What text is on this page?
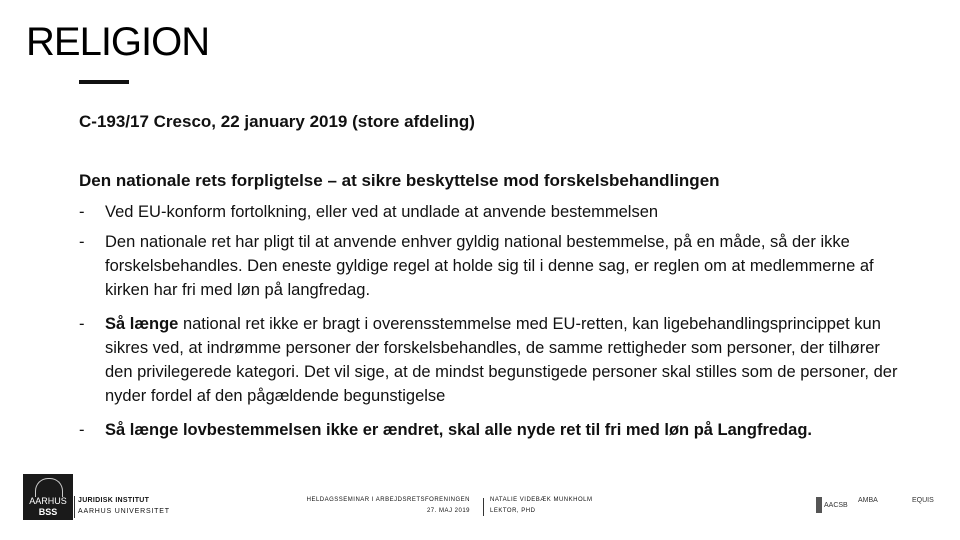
RELIGION
C-193/17 Cresco, 22 january 2019 (store afdeling)
Den nationale rets forpligtelse – at sikre beskyttelse mod forskelsbehandlingen
- Ved EU-konform fortolkning, eller ved at undlade at anvende bestemmelsen
- Den nationale ret har pligt til at anvende enhver gyldig national bestemmelse, på en måde, så der ikke forskelsbehandles. Den eneste gyldige regel at holde sig til i denne sag, er reglen om at medlemmerne af kirken har fri med løn på langfredag.
- Så længe national ret ikke er bragt i overensstemmelse med EU-retten, kan ligebehandlingsprincippet kun sikres ved, at indrømme personer der forskelsbehandles, de samme rettigheder som personer, der tilhører den privilegerede kategori. Det vil sige, at de mindst begunstigede personer skal stilles som de personer, der nyder fordel af den pågældende begunstigelse
- Så længe lovbestemmelsen ikke er ændret, skal alle nyde ret til fri med løn på Langfredag.
AARHUS
BSS
JURIDISK INSTITUT
AARHUS UNIVERSITET
HELDAGSSEMINAR I ARBEJDSRETSFORENINGEN
27. MAJ 2019
NATALIE VIDEBÆK MUNKHOLM
LEKTOR, PHD
AACSB
AMBA	EQUIS
